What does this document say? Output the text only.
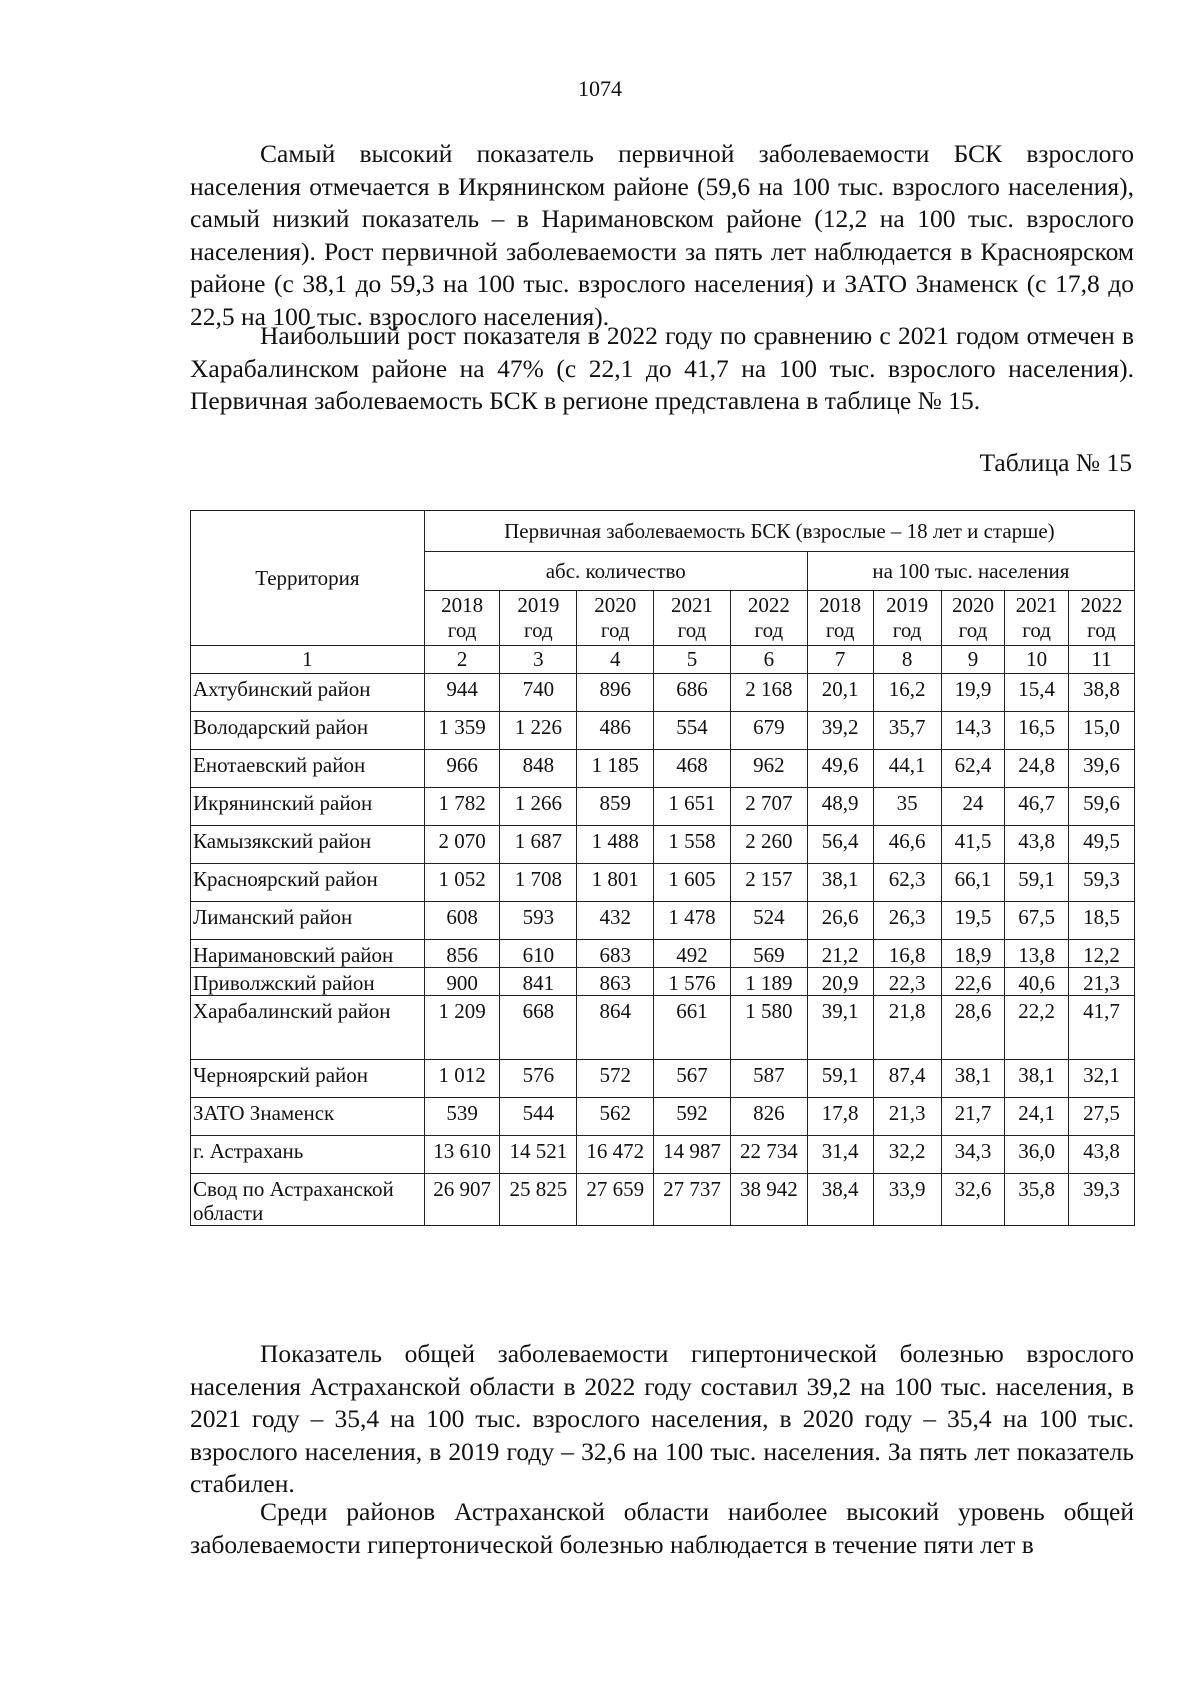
1074

Самый высокий показатель первичной заболеваемости БСК взрослого населения отмечается в Икрянинском районе (59,6 на 100 тыс. взрослого населения), самый низкий показатель – в Наримановском районе (12,2 на 100 тыс. взрослого населения). Рост первичной заболеваемости за пять лет наблюдается в Красноярском районе (с 38,1 до 59,3 на 100 тыс. взрослого населения) и ЗАТО Знаменск (с 17,8 до 22,5 на 100 тыс. взрослого населения).

Наибольший рост показателя в 2022 году по сравнению с 2021 годом отмечен в Харабалинском районе на 47% (с 22,1 до 41,7 на 100 тыс. взрослого населения). Первичная заболеваемость БСК в регионе представлена в таблице № 15.

Таблица № 15

Территория	Первичная заболеваемость БСК (взрослые – 18 лет и старше)									
	абс. количество					на 100 тыс. населения				
	2018 год	2019 год	2020 год	2021 год	2022 год	2018 год	2019 год	2020 год	2021 год	2022 год
1	2	3	4	5	6	7	8	9	10	11
Ахтубинский район	944	740	896	686	2 168	20,1	16,2	19,9	15,4	38,8
Володарский район	1 359	1 226	486	554	679	39,2	35,7	14,3	16,5	15,0
Енотаевский район	966	848	1 185	468	962	49,6	44,1	62,4	24,8	39,6
Икрянинский район	1 782	1 266	859	1 651	2 707	48,9	35	24	46,7	59,6
Камызякский район	2 070	1 687	1 488	1 558	2 260	56,4	46,6	41,5	43,8	49,5
Красноярский район	1 052	1 708	1 801	1 605	2 157	38,1	62,3	66,1	59,1	59,3
Лиманский район	608	593	432	1 478	524	26,6	26,3	19,5	67,5	18,5
Наримановский район	856	610	683	492	569	21,2	16,8	18,9	13,8	12,2
Приволжский район	900	841	863	1 576	1 189	20,9	22,3	22,6	40,6	21,3
Харабалинский район	1 209	668	864	661	1 580	39,1	21,8	28,6	22,2	41,7
Черноярский район	1 012	576	572	567	587	59,1	87,4	38,1	38,1	32,1
ЗАТО Знаменск	539	544	562	592	826	17,8	21,3	21,7	24,1	27,5
г. Астрахань	13 610	14 521	16 472	14 987	22 734	31,4	32,2	34,3	36,0	43,8
Свод по Астраханской области	26 907	25 825	27 659	27 737	38 942	38,4	33,9	32,6	35,8	39,3

Показатель общей заболеваемости гипертонической болезнью взрослого населения Астраханской области в 2022 году составил 39,2 на 100 тыс. населения, в 2021 году – 35,4 на 100 тыс. взрослого населения, в 2020 году – 35,4 на 100 тыс. взрослого населения, в 2019 году – 32,6 на 100 тыс. населения. За пять лет показатель стабилен.

Среди районов Астраханской области наиболее высокий уровень общей заболеваемости гипертонической болезнью наблюдается в течение пяти лет в
